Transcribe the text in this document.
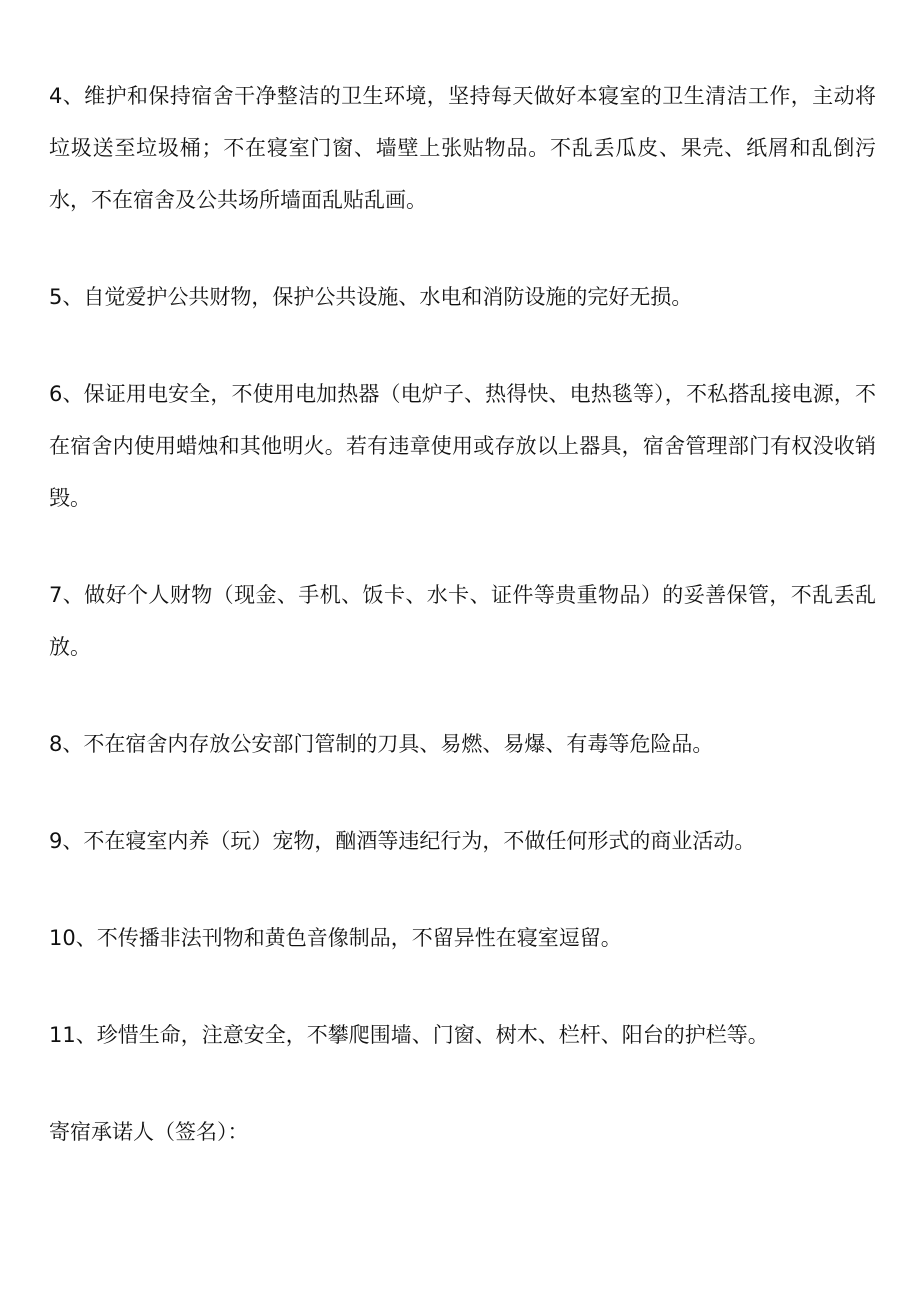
4、维护和保持宿舍干净整洁的卫生环境，坚持每天做好本寝室的卫生清洁工作，主动将垃圾送至垃圾桶；不在寝室门窗、墙壁上张贴物品。不乱丢瓜皮、果壳、纸屑和乱倒污水，不在宿舍及公共场所墙面乱贴乱画。

5、自觉爱护公共财物，保护公共设施、水电和消防设施的完好无损。

6、保证用电安全，不使用电加热器（电炉子、热得快、电热毯等），不私搭乱接电源，不在宿舍内使用蜡烛和其他明火。若有违章使用或存放以上器具，宿舍管理部门有权没收销毁。

7、做好个人财物（现金、手机、饭卡、水卡、证件等贵重物品）的妥善保管，不乱丢乱放。

8、不在宿舍内存放公安部门管制的刀具、易燃、易爆、有毒等危险品。

9、不在寝室内养（玩）宠物，酗酒等违纪行为，不做任何形式的商业活动。

10、不传播非法刊物和黄色音像制品，不留异性在寝室逗留。

11、珍惜生命，注意安全，不攀爬围墙、门窗、树木、栏杆、阳台的护栏等。

寄宿承诺人（签名）：
